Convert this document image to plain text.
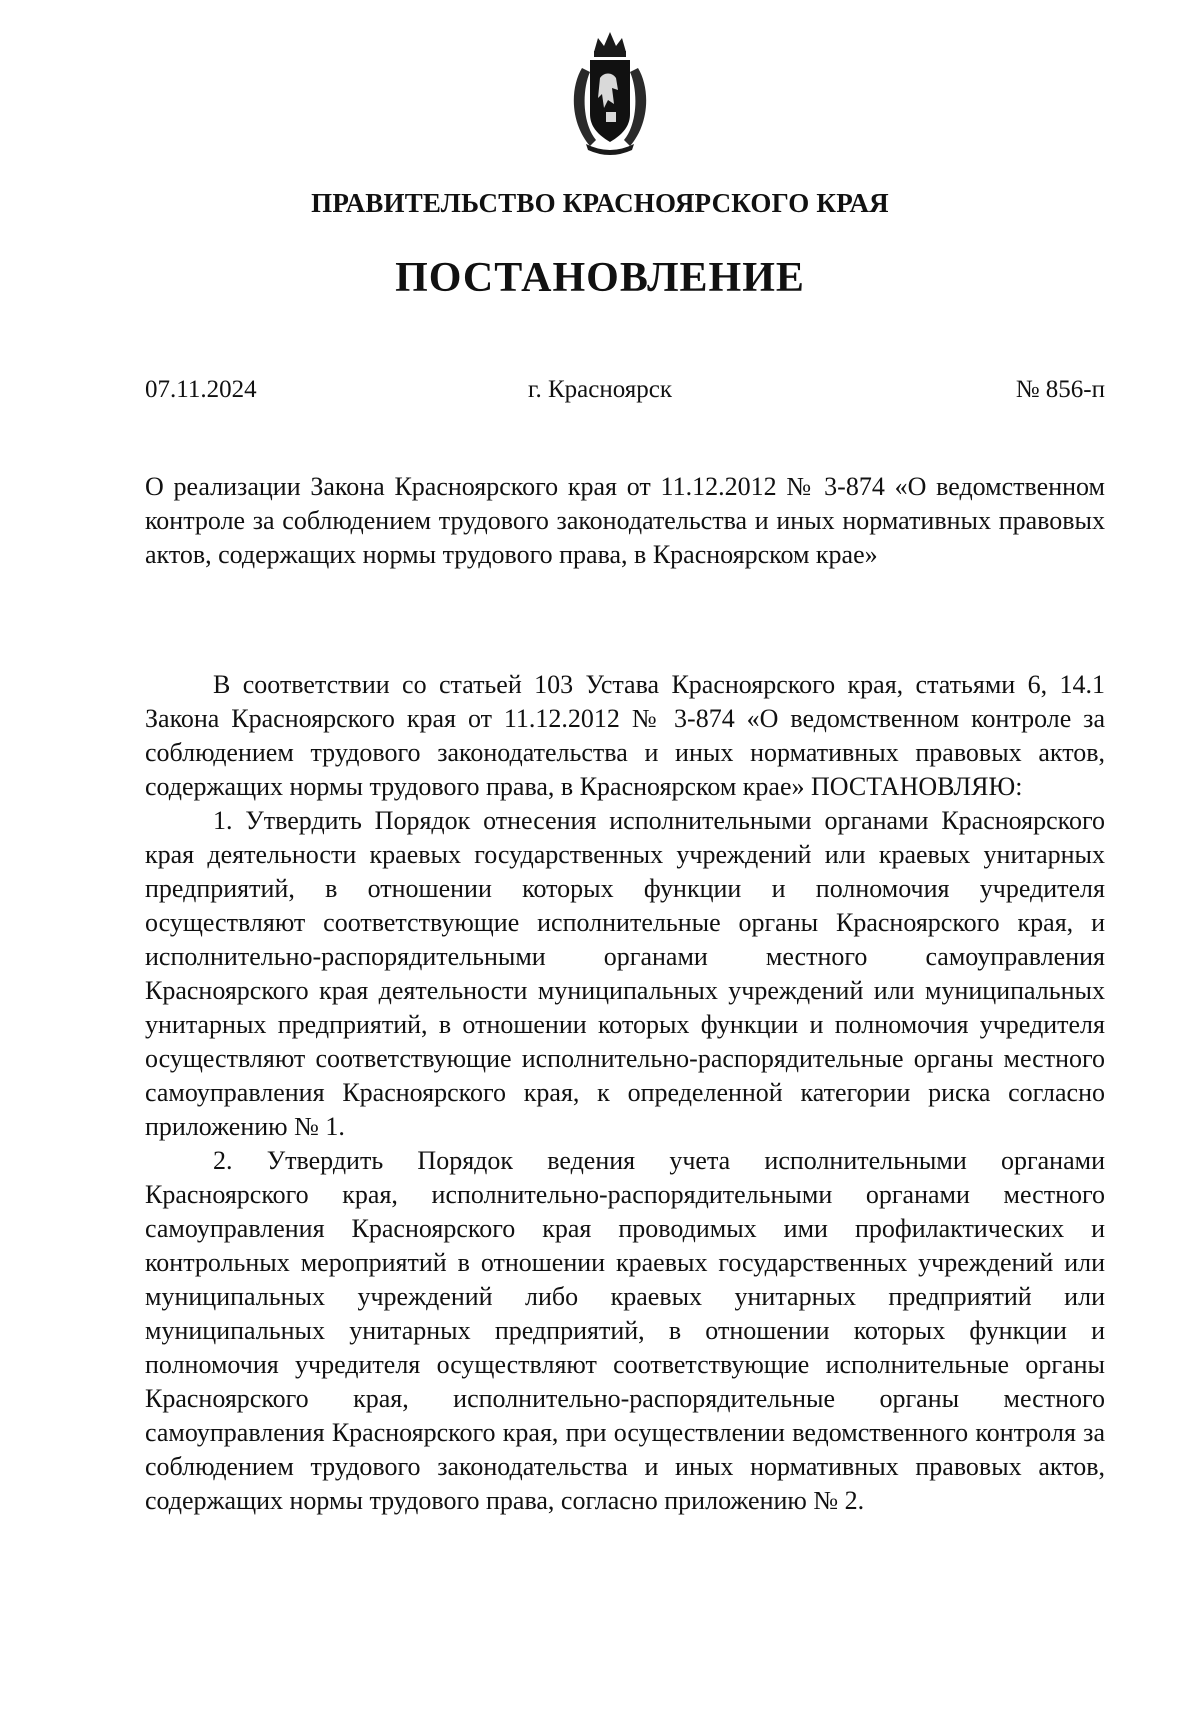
ПРАВИТЕЛЬСТВО КРАСНОЯРСКОГО КРАЯ
ПОСТАНОВЛЕНИЕ
07.11.2024	г. Красноярск	№ 856-п

О реализации Закона Красноярского края от 11.12.2012 № 3-874 «О ведомственном контроле за соблюдением трудового законодательства и иных нормативных правовых актов, содержащих нормы трудового права, в Красноярском крае»

В соответствии со статьей 103 Устава Красноярского края, статьями 6, 14.1 Закона Красноярского края от 11.12.2012 № 3-874 «О ведомственном контроле за соблюдением трудового законодательства и иных нормативных правовых актов, содержащих нормы трудового права, в Красноярском крае» ПОСТАНОВЛЯЮ:

1. Утвердить Порядок отнесения исполнительными органами Красноярского края деятельности краевых государственных учреждений или краевых унитарных предприятий, в отношении которых функции и полномочия учредителя осуществляют соответствующие исполнительные органы Красноярского края, и исполнительно-распорядительными органами местного самоуправления Красноярского края деятельности муниципальных учреждений или муниципальных унитарных предприятий, в отношении которых функции и полномочия учредителя осуществляют соответствующие исполнительно-распорядительные органы местного самоуправления Красноярского края, к определенной категории риска согласно приложению № 1.

2. Утвердить Порядок ведения учета исполнительными органами Красноярского края, исполнительно-распорядительными органами местного самоуправления Красноярского края проводимых ими профилактических и контрольных мероприятий в отношении краевых государственных учреждений или муниципальных учреждений либо краевых унитарных предприятий или муниципальных унитарных предприятий, в отношении которых функции и полномочия учредителя осуществляют соответствующие исполнительные органы Красноярского края, исполнительно-распорядительные органы местного самоуправления Красноярского края, при осуществлении ведомственного контроля за соблюдением трудового законодательства и иных нормативных правовых актов, содержащих нормы трудового права, согласно приложению № 2.
